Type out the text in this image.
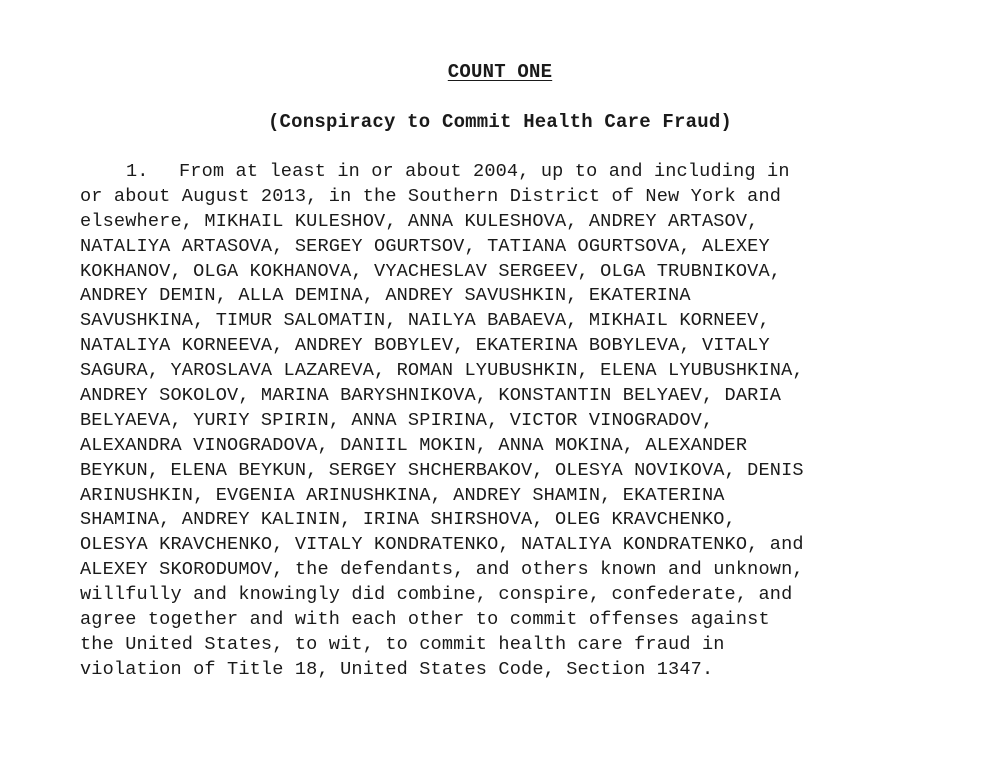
COUNT ONE
(Conspiracy to Commit Health Care Fraud)
1. From at least in or about 2004, up to and including in
or about August 2013, in the Southern District of New York and
elsewhere, MIKHAIL KULESHOV, ANNA KULESHOVA, ANDREY ARTASOV,
NATALIYA ARTASOVA, SERGEY OGURTSOV, TATIANA OGURTSOVA, ALEXEY
KOKHANOV, OLGA KOKHANOVA, VYACHESLAV SERGEEV, OLGA TRUBNIKOVA,
ANDREY DEMIN, ALLA DEMINA, ANDREY SAVUSHKIN, EKATERINA
SAVUSHKINA, TIMUR SALOMATIN, NAILYA BABAEVA, MIKHAIL KORNEEV,
NATALIYA KORNEEVA, ANDREY BOBYLEV, EKATERINA BOBYLEVA, VITALY
SAGURA, YAROSLAVA LAZAREVA, ROMAN LYUBUSHKIN, ELENA LYUBUSHKINA,
ANDREY SOKOLOV, MARINA BARYSHNIKOVA, KONSTANTIN BELYAEV, DARIA
BELYAEVA, YURIY SPIRIN, ANNA SPIRINA, VICTOR VINOGRADOV,
ALEXANDRA VINOGRADOVA, DANIIL MOKIN, ANNA MOKINA, ALEXANDER
BEYKUN, ELENA BEYKUN, SERGEY SHCHERBAKOV, OLESYA NOVIKOVA, DENIS
ARINUSHKIN, EVGENIA ARINUSHKINA, ANDREY SHAMIN, EKATERINA
SHAMINA, ANDREY KALININ, IRINA SHIRSHOVA, OLEG KRAVCHENKO,
OLESYA KRAVCHENKO, VITALY KONDRATENKO, NATALIYA KONDRATENKO, and
ALEXEY SKORODUMOV, the defendants, and others known and unknown,
willfully and knowingly did combine, conspire, confederate, and
agree together and with each other to commit offenses against
the United States, to wit, to commit health care fraud in
violation of Title 18, United States Code, Section 1347.
